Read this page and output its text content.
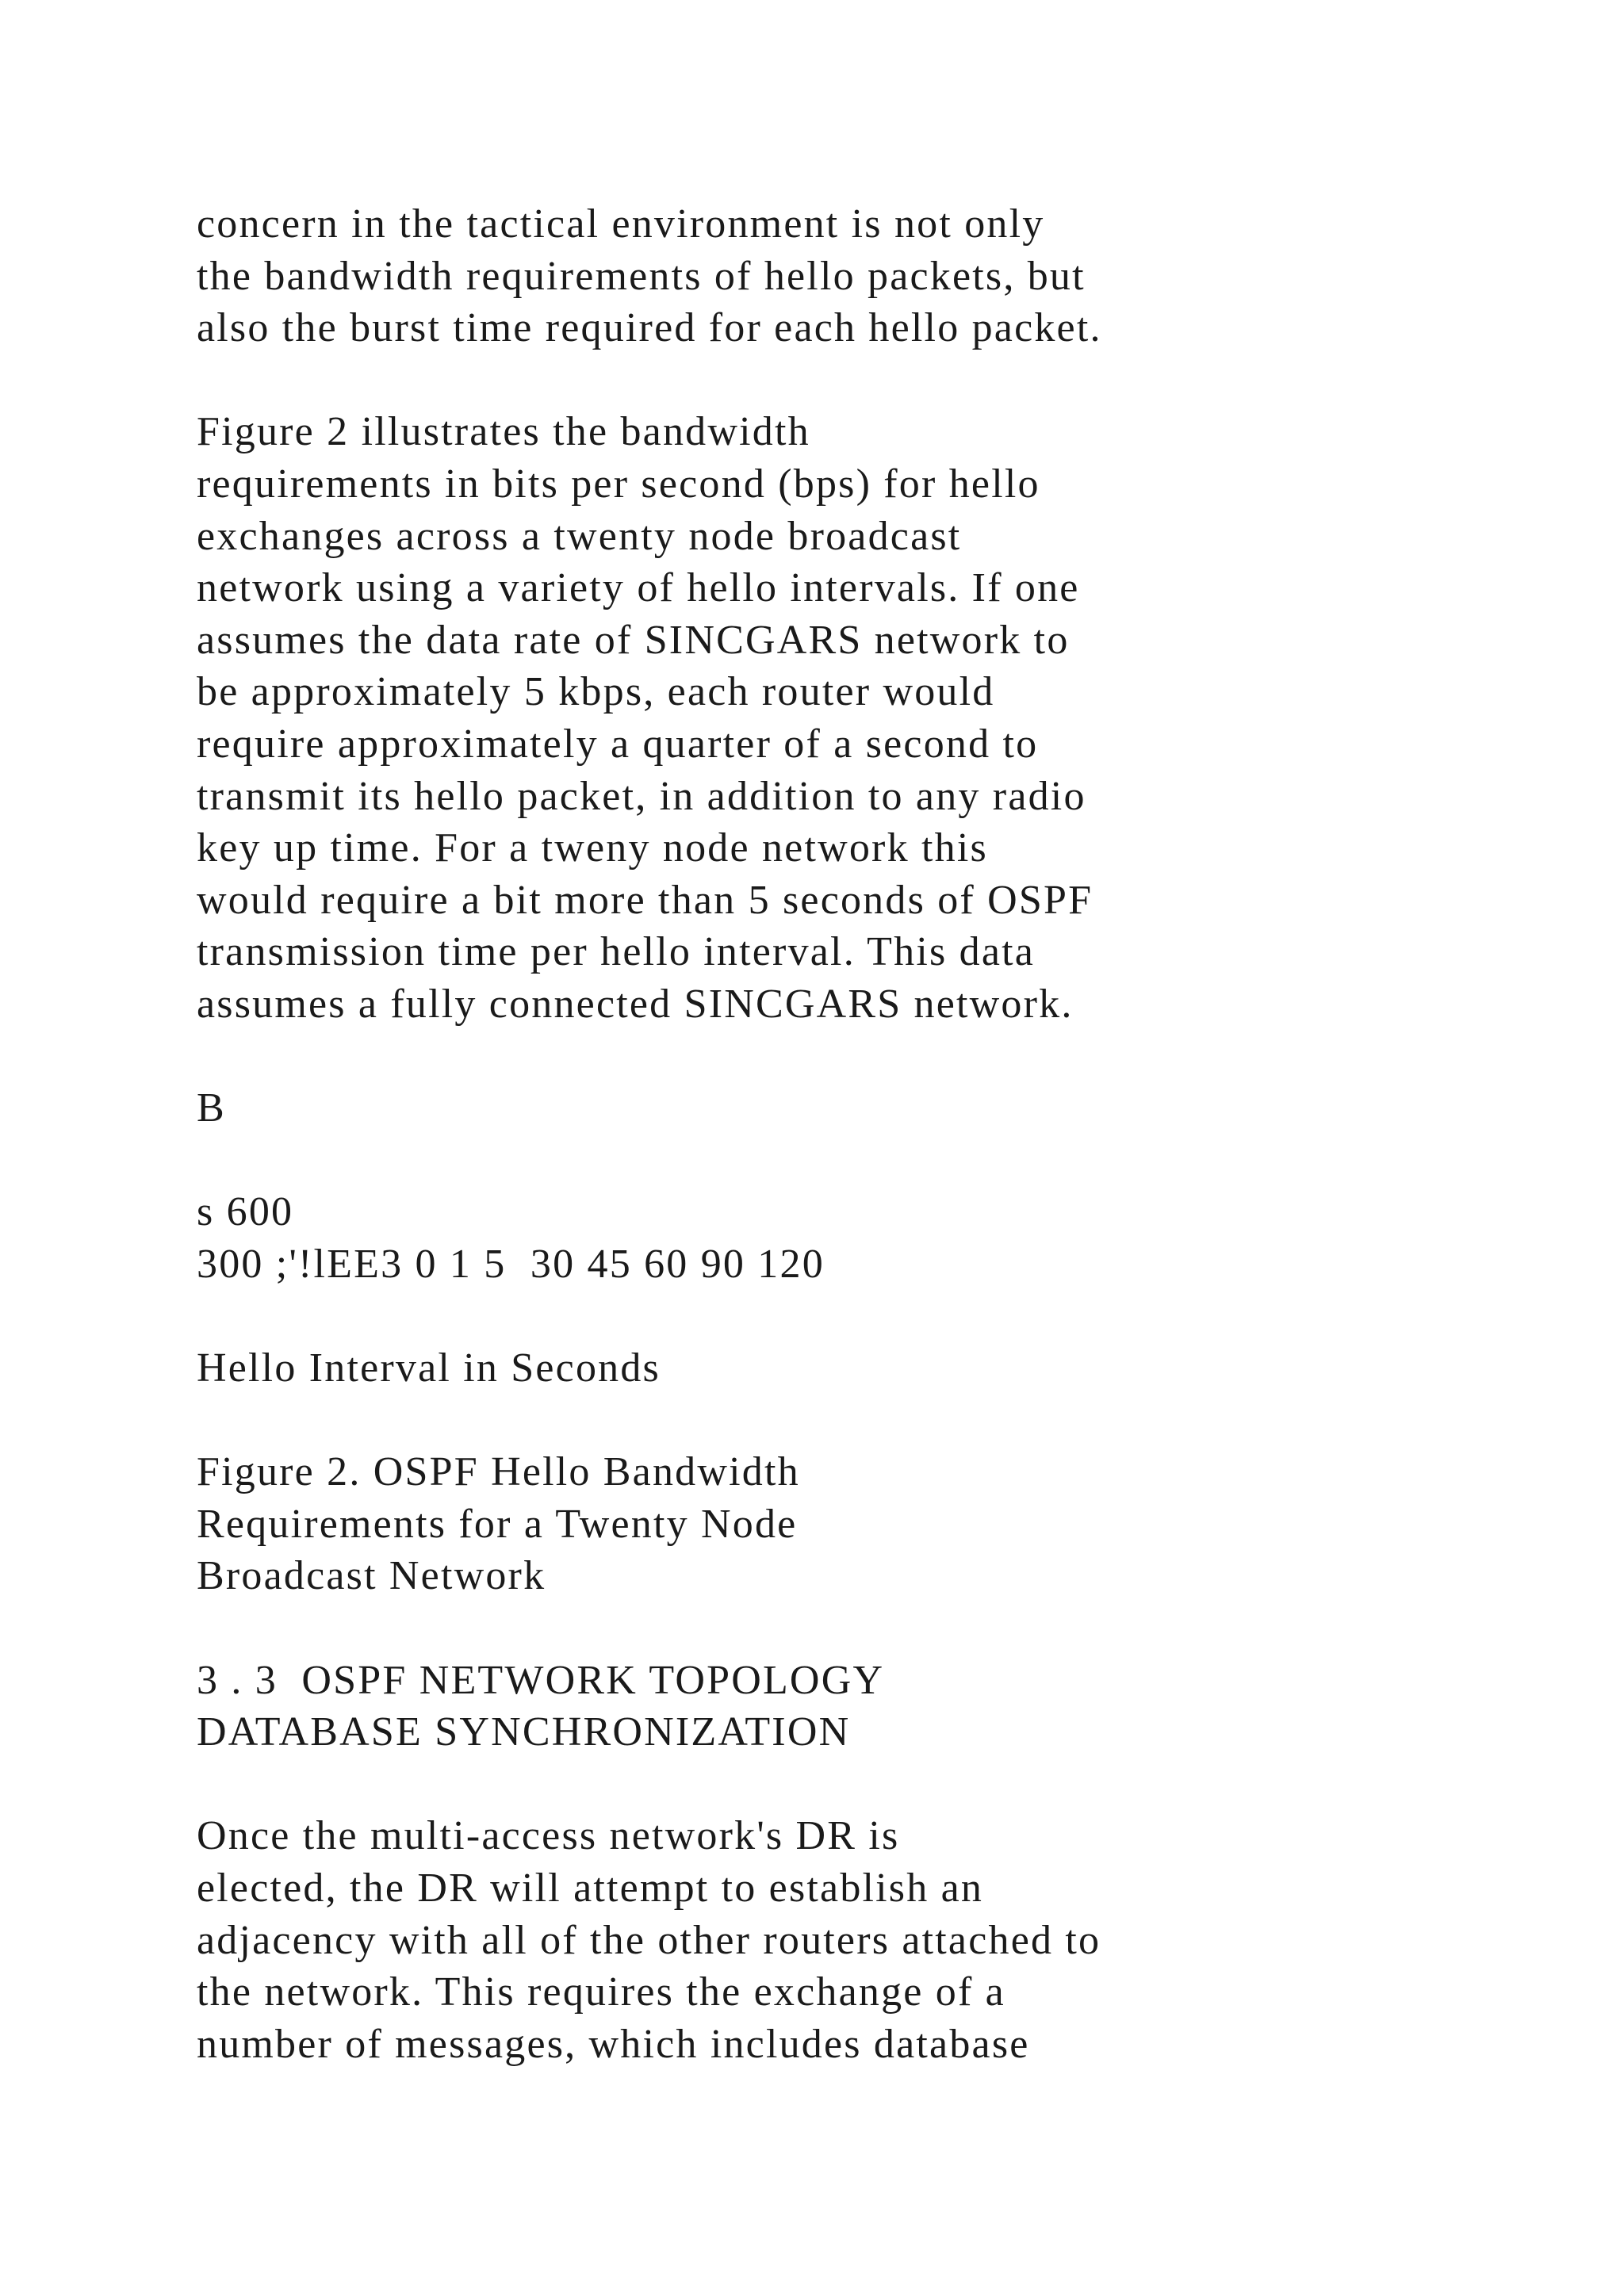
concern in the tactical environment is not only
the bandwidth requirements of hello packets, but
also the burst time required for each hello packet.
Figure 2 illustrates the bandwidth
requirements in bits per second (bps) for hello
exchanges across a twenty node broadcast
network using a variety of hello intervals. If one
assumes the data rate of SINCGARS network to
be approximately 5 kbps, each router would
require approximately a quarter of a second to
transmit its hello packet, in addition to any radio
key up time. For a tweny node network this
would require a bit more than 5 seconds of OSPF
transmission time per hello interval. This data
assumes a fully connected SINCGARS network.
B
s 600
300 ;'!lEE3 0 1 5  30 45 60 90 120
Hello Interval in Seconds
Figure 2. OSPF Hello Bandwidth
Requirements for a Twenty Node
Broadcast Network
3 . 3  OSPF NETWORK TOPOLOGY
DATABASE SYNCHRONIZATION
Once the multi-access network's DR is
elected, the DR will attempt to establish an
adjacency with all of the other routers attached to
the network. This requires the exchange of a
number of messages, which includes database
